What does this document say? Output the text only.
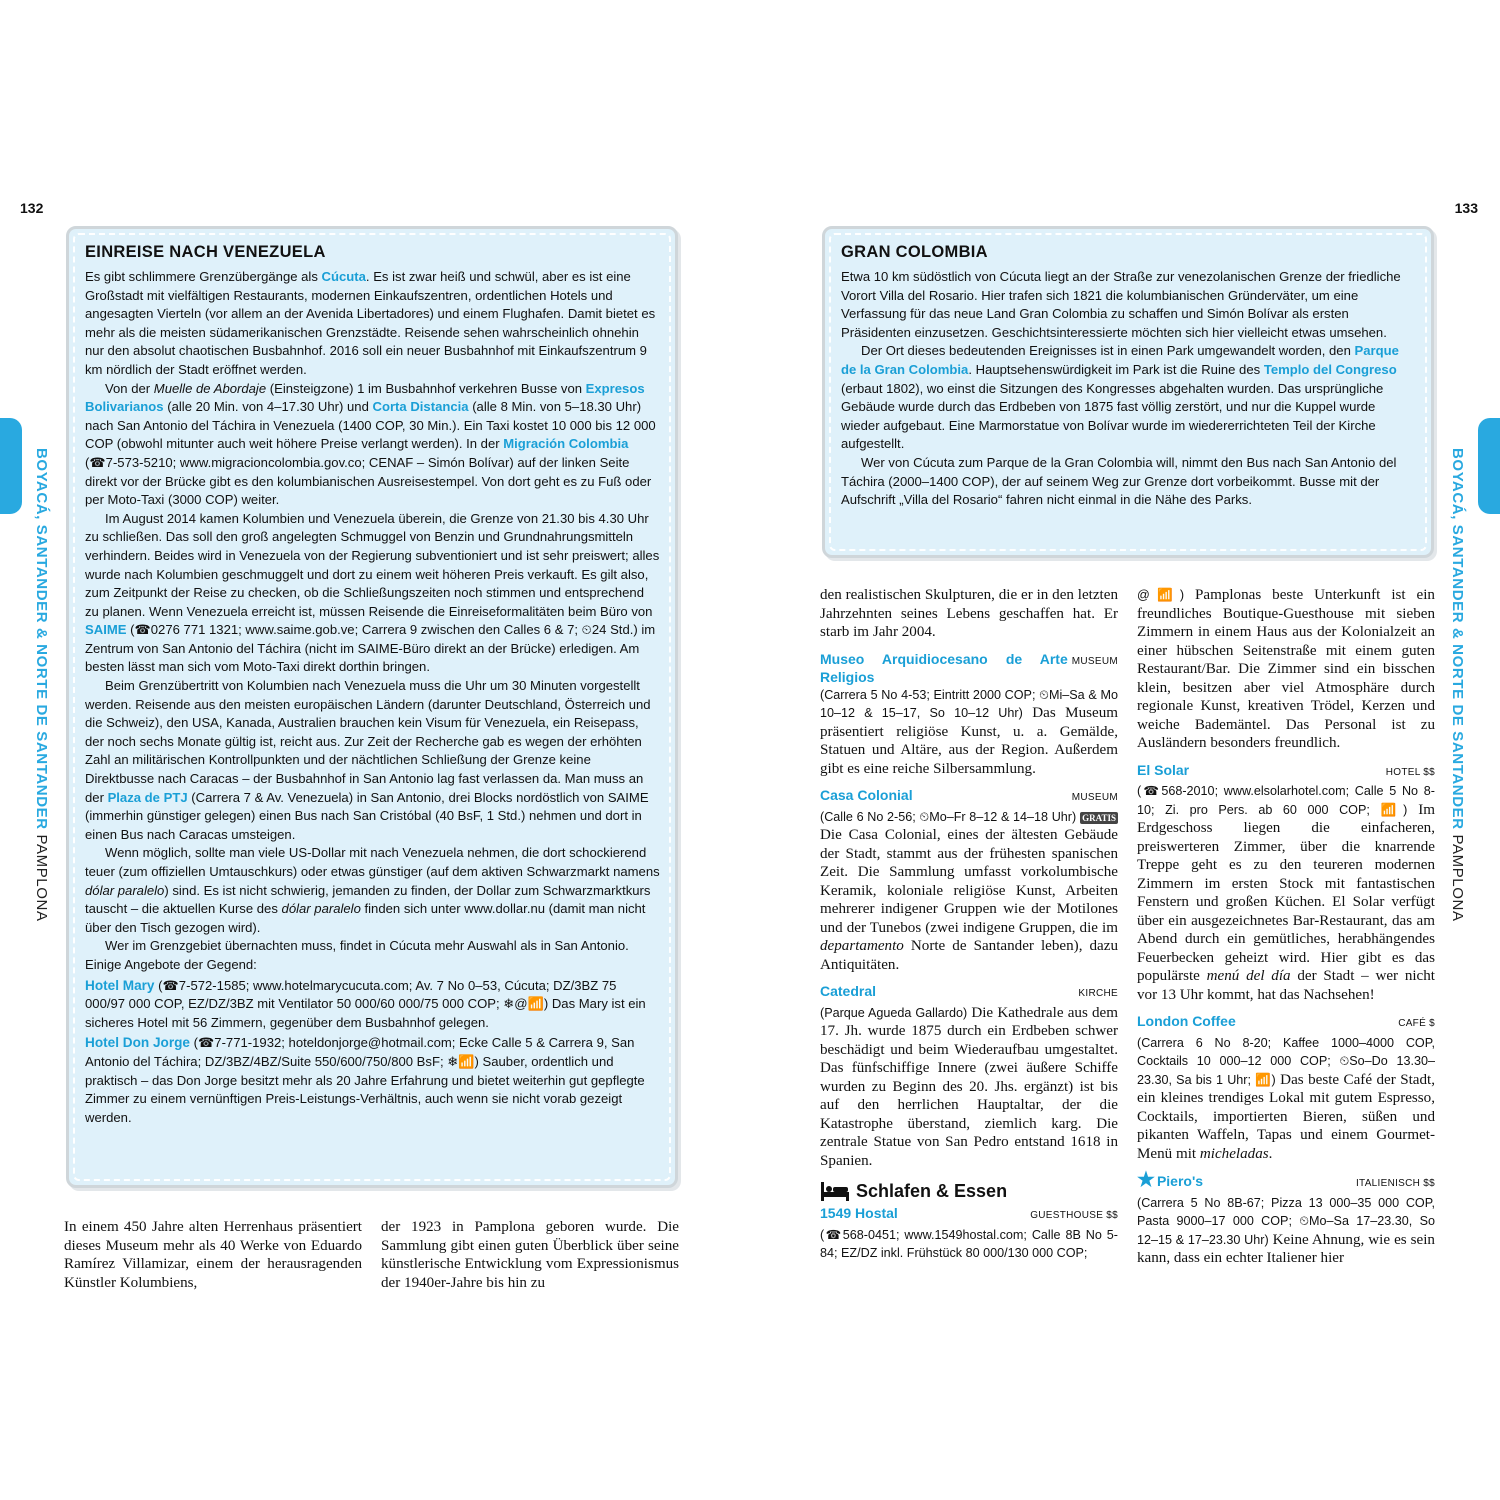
132	133
BOYACÁ, SANTANDER & NORTE DE SANTANDER PAMPLONA
BOYACÁ, SANTANDER & NORTE DE SANTANDER PAMPLONA
EINREISE NACH VENEZUELA

Es gibt schlimmere Grenzübergänge als Cúcuta. Es ist zwar heiß und schwül, aber es ist eine Großstadt mit vielfältigen Restaurants, modernen Einkaufszentren, ordentlichen Hotels und angesagten Vierteln (vor allem an der Avenida Libertadores) und einem Flughafen. Damit bietet es mehr als die meisten südamerikanischen Grenzstädte. Reisende sehen wahrscheinlich ohnehin nur den absolut chaotischen Busbahnhof. 2016 soll ein neuer Busbahnhof mit Einkaufszentrum 9 km nördlich der Stadt eröffnet werden.

Von der Muelle de Abordaje (Einsteigzone) 1 im Busbahnhof verkehren Busse von Expresos Bolivarianos (alle 20 Min. von 4–17.30 Uhr) und Corta Distancia (alle 8 Min. von 5–18.30 Uhr) nach San Antonio del Táchira in Venezuela (1400 COP, 30 Min.). Ein Taxi kostet 10 000 bis 12 000 COP (obwohl mitunter auch weit höhere Preise verlangt werden). In der Migración Colombia (☎7-573-5210; www.migracioncolombia.gov.co; CENAF – Simón Bolívar) auf der linken Seite direkt vor der Brücke gibt es den kolumbianischen Ausreisestempel. Von dort geht es zu Fuß oder per Moto-Taxi (3000 COP) weiter.

Im August 2014 kamen Kolumbien und Venezuela überein, die Grenze von 21.30 bis 4.30 Uhr zu schließen. Das soll den groß angelegten Schmuggel von Benzin und Grundnahrungsmitteln verhindern. Beides wird in Venezuela von der Regierung subventioniert und ist sehr preiswert; alles wurde nach Kolumbien geschmuggelt und dort zu einem weit höheren Preis verkauft. Es gilt also, zum Zeitpunkt der Reise zu checken, ob die Schließungszeiten noch stimmen und entsprechend zu planen. Wenn Venezuela erreicht ist, müssen Reisende die Einreiseformalitäten beim Büro von SAIME (☎0276 771 1321; www.saime.gob.ve; Carrera 9 zwischen den Calles 6 & 7; ⏲24 Std.) im Zentrum von San Antonio del Táchira (nicht im SAIME-Büro direkt an der Brücke) erledigen. Am besten lässt man sich vom Moto-Taxi direkt dorthin bringen.

Beim Grenzübertritt von Kolumbien nach Venezuela muss die Uhr um 30 Minuten vorgestellt werden. Reisende aus den meisten europäischen Ländern (darunter Deutschland, Österreich und die Schweiz), den USA, Kanada, Australien brauchen kein Visum für Venezuela, ein Reisepass, der noch sechs Monate gültig ist, reicht aus. Zur Zeit der Recherche gab es wegen der erhöhten Zahl an militärischen Kontrollpunkten und der nächtlichen Schließung der Grenze keine Direktbusse nach Caracas – der Busbahnhof in San Antonio lag fast verlassen da. Man muss an der Plaza de PTJ (Carrera 7 & Av. Venezuela) in San Antonio, drei Blocks nordöstlich von SAIME (immerhin günstiger gelegen) einen Bus nach San Cristóbal (40 BsF, 1 Std.) nehmen und dort in einen Bus nach Caracas umsteigen.

Wenn möglich, sollte man viele US-Dollar mit nach Venezuela nehmen, die dort schockierend teuer (zum offiziellen Umtauschkurs) oder etwas günstiger (auf dem aktiven Schwarzmarkt namens dólar paralelo) sind. Es ist nicht schwierig, jemanden zu finden, der Dollar zum Schwarzmarktkurs tauscht – die aktuellen Kurse des dólar paralelo finden sich unter www.dollar.nu (damit man nicht über den Tisch gezogen wird).

Wer im Grenzgebiet übernachten muss, findet in Cúcuta mehr Auswahl als in San Antonio. Einige Angebote der Gegend:

Hotel Mary (☎7-572-1585; www.hotelmarycucuta.com; Av. 7 No 0–53, Cúcuta; DZ/3BZ 75 000/97 000 COP, EZ/DZ/3BZ mit Ventilator 50 000/60 000/75 000 COP; ❄@📶) Das Mary ist ein sicheres Hotel mit 56 Zimmern, gegenüber dem Busbahnhof gelegen.

Hotel Don Jorge (☎7-771-1932; hoteldonjorge@hotmail.com; Ecke Calle 5 & Carrera 9, San Antonio del Táchira; DZ/3BZ/4BZ/Suite 550/600/750/800 BsF; ❄📶) Sauber, ordentlich und praktisch – das Don Jorge besitzt mehr als 20 Jahre Erfahrung und bietet weiterhin gut gepflegte Zimmer zu einem vernünftigen Preis-Leistungs-Verhältnis, auch wenn sie nicht vorab gezeigt werden.

In einem 450 Jahre alten Herrenhaus präsentiert dieses Museum mehr als 40 Werke von Eduardo Ramírez Villamizar, einem der herausragenden Künstler Kolumbiens,
der 1923 in Pamplona geboren wurde. Die Sammlung gibt einen guten Überblick über seine künstlerische Entwicklung vom Expressionismus der 1940er-Jahre bis hin zu
GRAN COLOMBIA

Etwa 10 km südöstlich von Cúcuta liegt an der Straße zur venezolanischen Grenze der friedliche Vorort Villa del Rosario. Hier trafen sich 1821 die kolumbianischen Gründerväter, um eine Verfassung für das neue Land Gran Colombia zu schaffen und Simón Bolívar als ersten Präsidenten einzusetzen. Geschichtsinteressierte möchten sich hier vielleicht etwas umsehen.

Der Ort dieses bedeutenden Ereignisses ist in einen Park umgewandelt worden, den Parque de la Gran Colombia. Hauptsehenswürdigkeit im Park ist die Ruine des Templo del Congreso (erbaut 1802), wo einst die Sitzungen des Kongresses abgehalten wurden. Das ursprüngliche Gebäude wurde durch das Erdbeben von 1875 fast völlig zerstört, und nur die Kuppel wurde wieder aufgebaut. Eine Marmorstatue von Bolívar wurde im wiedererrichteten Teil der Kirche aufgestellt.

Wer von Cúcuta zum Parque de la Gran Colombia will, nimmt den Bus nach San Antonio del Táchira (2000–1400 COP), der auf seinem Weg zur Grenze dort vorbeikommt. Busse mit der Aufschrift „Villa del Rosario“ fahren nicht einmal in die Nähe des Parks.

den realistischen Skulpturen, die er in den letzten Jahrzehnten seines Lebens geschaffen hat. Er starb im Jahr 2004.
Museo Arquidiocesano de Arte Religios
MUSEUM
(Carrera 5 No 4-53; Eintritt 2000 COP; ⏲Mi–Sa & Mo 10–12 & 15–17, So 10–12 Uhr) Das Museum präsentiert religiöse Kunst, u. a. Gemälde, Statuen und Altäre, aus der Region. Außerdem gibt es eine reiche Silbersammlung.
Casa Colonial	MUSEUM
(Calle 6 No 2-56; ⏲Mo–Fr 8–12 & 14–18 Uhr) GRATIS Die Casa Colonial, eines der ältesten Gebäude der Stadt, stammt aus der frühesten spanischen Zeit. Die Sammlung umfasst vorkolumbische Keramik, koloniale religiöse Kunst, Arbeiten mehrerer indigener Gruppen wie der Motilones und der Tunebos (zwei indigene Gruppen, die im departamento Norte de Santander leben), dazu Antiquitäten.
Catedral	KIRCHE
(Parque Agueda Gallardo) Die Kathedrale aus dem 17. Jh. wurde 1875 durch ein Erdbeben schwer beschädigt und beim Wiederaufbau umgestaltet. Das fünfschiffige Innere (zwei äußere Schiffe wurden zu Beginn des 20. Jhs. ergänzt) ist bis auf den herrlichen Hauptaltar, der die Katastrophe überstand, ziemlich karg. Die zentrale Statue von San Pedro entstand 1618 in Spanien.
Schlafen & Essen
1549 Hostal	GUESTHOUSE $$
(☎568-0451; www.1549hostal.com; Calle 8B No 5-84; EZ/DZ inkl. Frühstück 80 000/130 000 COP;
@📶) Pamplonas beste Unterkunft ist ein freundliches Boutique-Guesthouse mit sieben Zimmern in einem Haus aus der Kolonialzeit an einer hübschen Seitenstraße mit einem guten Restaurant/Bar. Die Zimmer sind ein bisschen klein, besitzen aber viel Atmosphäre durch regionale Kunst, kreativen Trödel, Kerzen und weiche Bademäntel. Das Personal ist zu Ausländern besonders freundlich.
El Solar	HOTEL $$
(☎568-2010; www.elsolarhotel.com; Calle 5 No 8-10; Zi. pro Pers. ab 60 000 COP; 📶) Im Erdgeschoss liegen die einfacheren, preiswerteren Zimmer, über die knarrende Treppe geht es zu den teureren modernen Zimmern im ersten Stock mit fantastischen Fenstern und großen Küchen. El Solar verfügt über ein ausgezeichnetes Bar-Restaurant, das am Abend durch ein gemütliches, herabhängendes Feuerbecken geheizt wird. Hier gibt es das populärste menú del día der Stadt – wer nicht vor 13 Uhr kommt, hat das Nachsehen!
London Coffee	CAFÉ $
(Carrera 6 No 8-20; Kaffee 1000–4000 COP, Cocktails 10 000–12 000 COP; ⏲So–Do 13.30–23.30, Sa bis 1 Uhr; 📶) Das beste Café der Stadt, ein kleines trendiges Lokal mit gutem Espresso, Cocktails, importierten Bieren, süßen und pikanten Waffeln, Tapas und einem Gourmet-Menü mit micheladas.
★ Piero's	ITALIENISCH $$
(Carrera 5 No 8B-67; Pizza 13 000–35 000 COP, Pasta 9000–17 000 COP; ⏲Mo–Sa 17–23.30, So 12–15 & 17–23.30 Uhr) Keine Ahnung, wie es sein kann, dass ein echter Italiener hier
